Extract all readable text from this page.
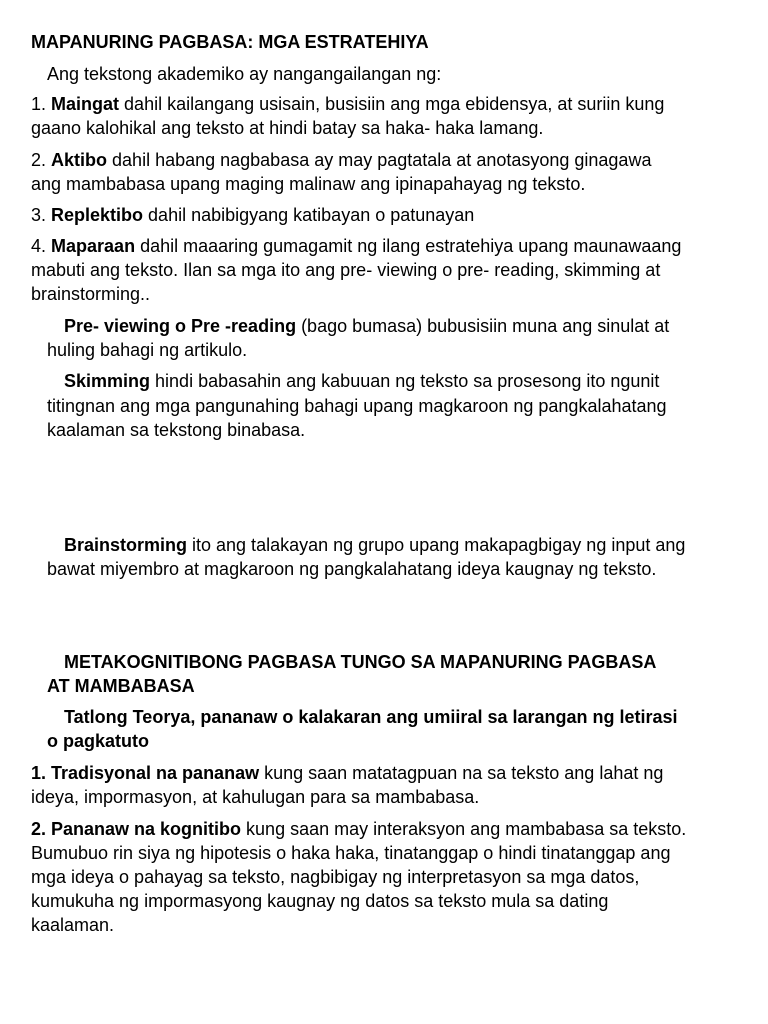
MAPANURING PAGBASA: MGA ESTRATEHIYA
Ang tekstong akademiko ay nangangailangan ng:
1. Maingat dahil kailangang usisain, busisiin ang mga ebidensya, at suriin kung
gaano kalohikal ang teksto at hindi batay sa haka- haka lamang.
2. Aktibo dahil habang nagbabasa ay may pagtatala at anotasyong ginagawa
ang mambabasa upang maging malinaw ang ipinapahayag ng teksto.
3. Replektibo dahil nabibigyang katibayan o patunayan
4. Maparaan dahil maaaring gumagamit ng ilang estratehiya upang maunawaang
mabuti ang teksto. Ilan sa mga ito ang pre- viewing o pre- reading, skimming at
brainstorming..
Pre- viewing o Pre -reading (bago bumasa) bubusisiin muna ang sinulat at
huling bahagi ng artikulo.
Skimming hindi babasahin ang kabuuan ng teksto sa prosesong ito ngunit
titingnan ang mga pangunahing bahagi upang magkaroon ng pangkalahatang
kaalaman sa tekstong binabasa.
Brainstorming ito ang talakayan ng grupo upang makapagbigay ng input ang
bawat miyembro at magkaroon ng pangkalahatang ideya kaugnay ng teksto.
METAKOGNITIBONG PAGBASA TUNGO SA MAPANURING PAGBASA
AT MAMBABASA
Tatlong Teorya, pananaw o kalakaran ang umiiral sa larangan ng letirasi
o pagkatuto
1. Tradisyonal na pananaw kung saan matatagpuan na sa teksto ang lahat ng
ideya, impormasyon, at kahulugan para sa mambabasa.
2. Pananaw na kognitibo kung saan may interaksyon ang mambabasa sa teksto.
Bumubuo rin siya ng hipotesis o haka haka, tinatanggap o hindi tinatanggap ang
mga ideya o pahayag sa teksto, nagbibigay ng interpretasyon sa mga datos,
kumukuha ng impormasyong kaugnay ng datos sa teksto mula sa dating
kaalaman.
